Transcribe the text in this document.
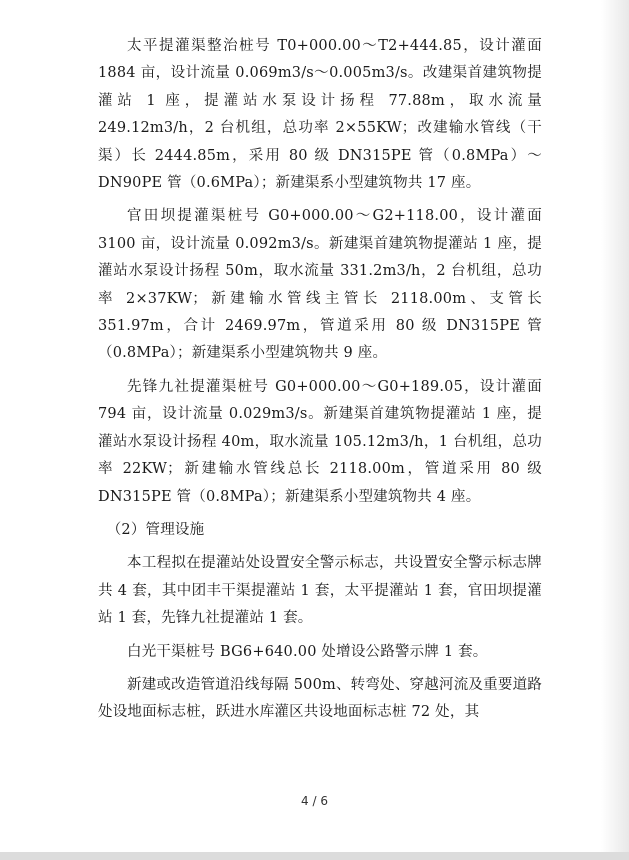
太平提灌渠整治桩号 T0+000.00～T2+444.85，设计灌面1884 亩，设计流量 0.069m3/s～0.005m3/s。改建渠首建筑物提灌站 1 座，提灌站水泵设计扬程 77.88m，取水流量 249.12m3/h，2 台机组，总功率 2×55KW；改建输水管线（干渠）长 2444.85m，采用 80 级 DN315PE 管（0.8MPa）～DN90PE 管（0.6MPa）；新建渠系小型建筑物共 17 座。

官田坝提灌渠桩号 G0+000.00～G2+118.00，设计灌面 3100 亩，设计流量 0.092m3/s。新建渠首建筑物提灌站 1 座，提灌站水泵设计扬程 50m，取水流量 331.2m3/h，2 台机组，总功率 2×37KW；新建输水管线主管长 2118.00m、支管长 351.97m，合计 2469.97m，管道采用 80 级 DN315PE 管（0.8MPa）；新建渠系小型建筑物共 9 座。

先锋九社提灌渠桩号 G0+000.00～G0+189.05，设计灌面 794 亩，设计流量 0.029m3/s。新建渠首建筑物提灌站 1 座，提灌站水泵设计扬程 40m，取水流量 105.12m3/h，1 台机组，总功率 22KW；新建输水管线总长 2118.00m，管道采用 80 级 DN315PE 管（0.8MPa）；新建渠系小型建筑物共 4 座。

（2）管理设施

本工程拟在提灌站处设置安全警示标志，共设置安全警示标志牌共 4 套，其中团丰干渠提灌站 1 套，太平提灌站 1 套，官田坝提灌站 1 套，先锋九社提灌站 1 套。

白光干渠桩号 BG6+640.00 处增设公路警示牌 1 套。

新建或改造管道沿线每隔 500m、转弯处、穿越河流及重要道路处设地面标志桩，跃进水库灌区共设地面标志桩 72 处，其

4 / 6
